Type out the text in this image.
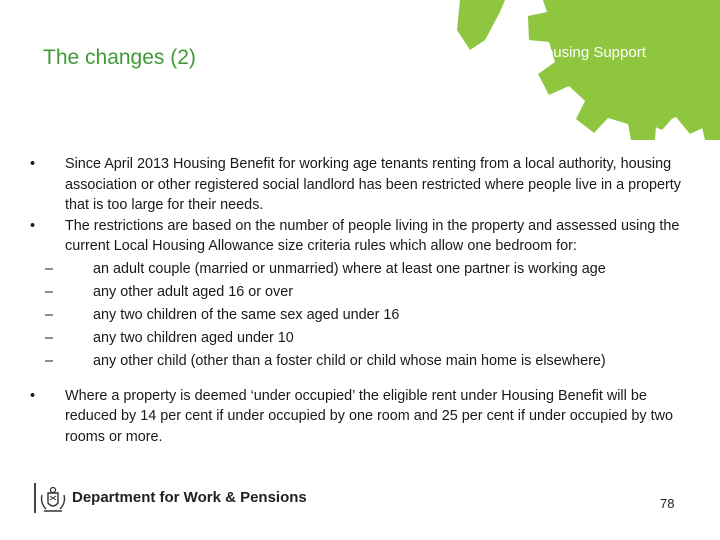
The changes (2)	Housing Support
• Since April 2013 Housing Benefit for working age tenants renting from a local authority, housing association or other registered social landlord has been restricted where people live in a property that is too large for their needs.
• The restrictions are based on the number of people living in the property and assessed using the current Local Housing Allowance size criteria rules which allow one bedroom for:
–	an adult couple (married or unmarried) where at least one partner is working age
–	any other adult aged 16 or over
–	any two children of the same sex aged under 16
–	any two children aged under 10
–	any other child (other than a foster child or child whose main home is elsewhere)
• Where a property is deemed ‘under occupied’ the eligible rent under Housing Benefit will be reduced by 14 per cent if under occupied by one room and 25 per cent if under occupied by two rooms or more.
Department for Work & Pensions	78
